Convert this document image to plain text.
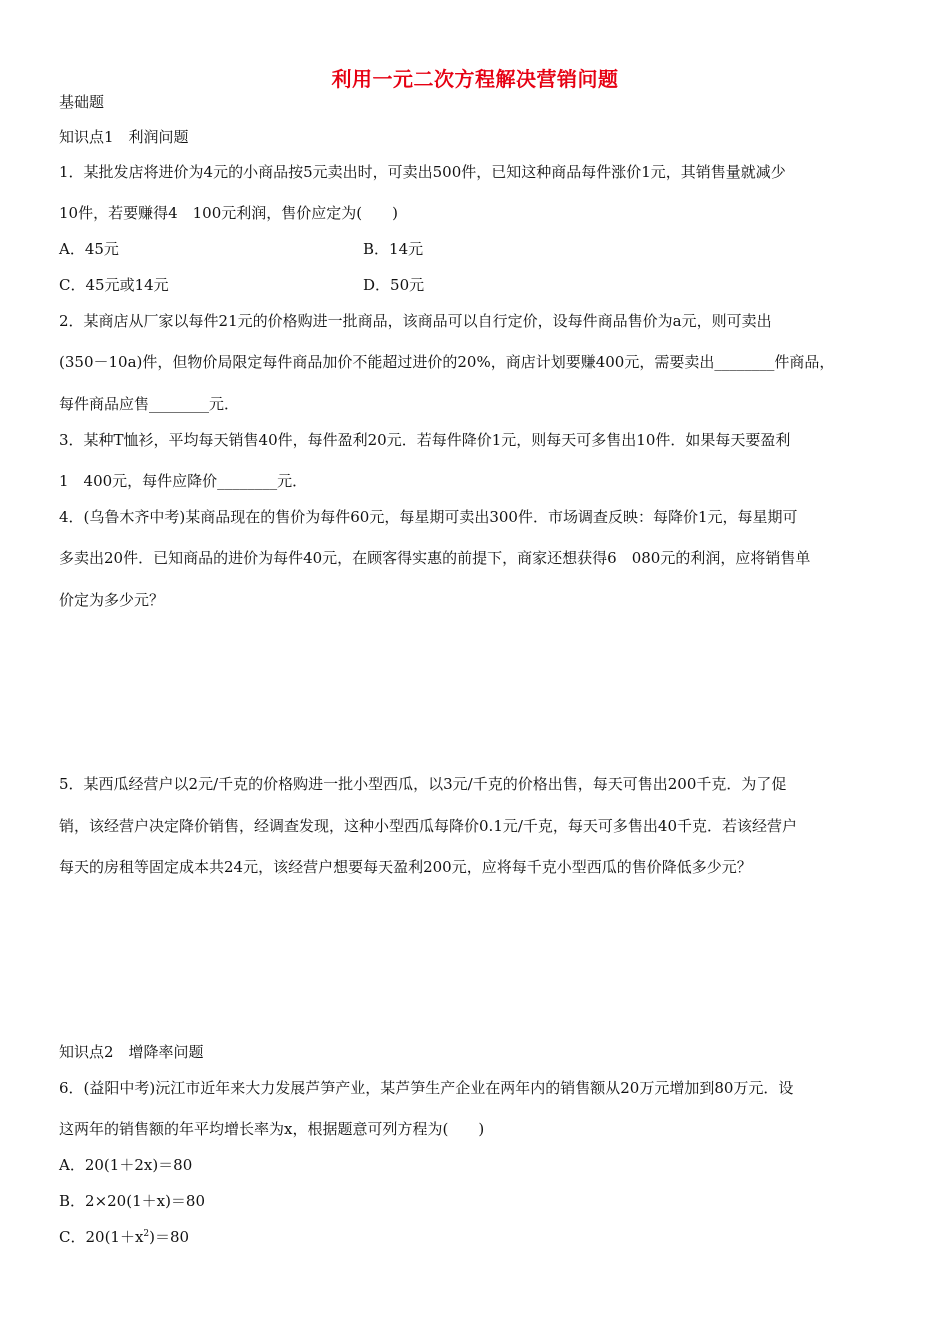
利用一元二次方程解决营销问题
基础题
知识点1　利润问题
1．某批发店将进价为4元的小商品按5元卖出时，可卖出500件，已知这种商品每件涨价1元，其销售量就减少
10件，若要赚得4　100元利润，售价应定为(　　)
A．45元	B．14元
C．45元或14元	D．50元
2．某商店从厂家以每件21元的价格购进一批商品，该商品可以自行定价，设每件商品售价为a元，则可卖出
(350－10a)件，但物价局限定每件商品加价不能超过进价的20%，商店计划要赚400元，需要卖出________件商品，
每件商品应售________元．
3．某种T恤衫，平均每天销售40件，每件盈利20元．若每件降价1元，则每天可多售出10件．如果每天要盈利
1　400元，每件应降价________元．
4．(乌鲁木齐中考)某商品现在的售价为每件60元，每星期可卖出300件．市场调查反映：每降价1元，每星期可
多卖出20件．已知商品的进价为每件40元，在顾客得实惠的前提下，商家还想获得6　080元的利润，应将销售单
价定为多少元？
5．某西瓜经营户以2元/千克的价格购进一批小型西瓜，以3元/千克的价格出售，每天可售出200千克．为了促
销，该经营户决定降价销售，经调查发现，这种小型西瓜每降价0.1元/千克，每天可多售出40千克．若该经营户
每天的房租等固定成本共24元，该经营户想要每天盈利200元，应将每千克小型西瓜的售价降低多少元？
知识点2　增降率问题
6．(益阳中考)沅江市近年来大力发展芦笋产业，某芦笋生产企业在两年内的销售额从20万元增加到80万元．设
这两年的销售额的年平均增长率为x，根据题意可列方程为(　　)
A．20(1＋2x)＝80
B．2×20(1＋x)＝80
C．$20(1+x^2)=80$
